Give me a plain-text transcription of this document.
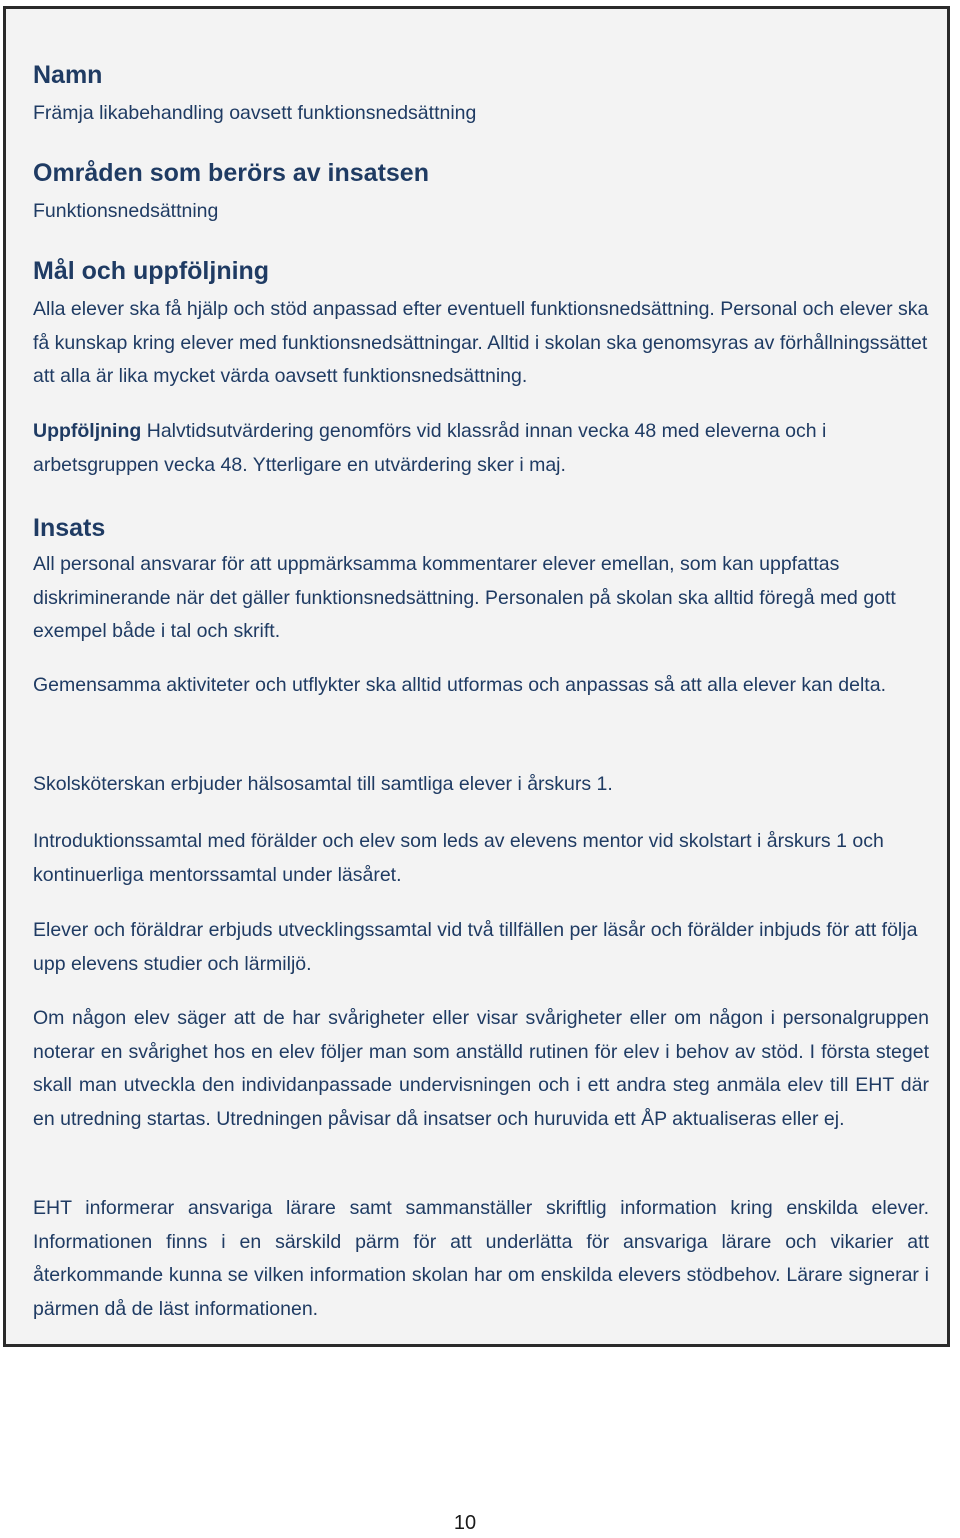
Namn

Främja likabehandling oavsett funktionsnedsättning

Områden som berörs av insatsen

Funktionsnedsättning

Mål och uppföljning

Alla elever ska få hjälp och stöd anpassad efter eventuell funktionsnedsättning. Personal och elever ska få kunskap kring elever med funktionsnedsättningar. Alltid i skolan ska genomsyras av förhållningssättet att alla är lika mycket värda oavsett funktionsnedsättning.

Uppföljning Halvtidsutvärdering genomförs vid klassråd innan vecka 48 med eleverna och i arbetsgruppen vecka 48. Ytterligare en utvärdering sker i maj.

Insats

All personal ansvarar för att uppmärksamma kommentarer elever emellan, som kan uppfattas diskriminerande när det gäller funktionsnedsättning. Personalen på skolan ska alltid föregå med gott exempel både i tal och skrift.

Gemensamma aktiviteter och utflykter ska alltid utformas och anpassas så att alla elever kan delta.

Skolsköterskan erbjuder hälsosamtal till samtliga elever i årskurs 1.

Introduktionssamtal med förälder och elev som leds av elevens mentor vid skolstart i årskurs 1 och kontinuerliga mentorssamtal under läsåret.

Elever och föräldrar erbjuds utvecklingssamtal vid två tillfällen per läsår och förälder inbjuds för att följa upp elevens studier och lärmiljö.

Om någon elev säger att de har svårigheter eller visar svårigheter eller om någon i personalgruppen noterar en svårighet hos en elev följer man som anställd rutinen för elev i behov av stöd. I första steget skall man utveckla den individanpassade undervisningen och i ett andra steg anmäla elev till EHT där en utredning startas. Utredningen påvisar då insatser och huruvida ett ÅP aktualiseras eller ej.

EHT informerar ansvariga lärare samt sammanställer skriftlig information kring enskilda elever. Informationen finns i en särskild pärm för att underlätta för ansvariga lärare och vikarier att återkommande kunna se vilken information skolan har om enskilda elevers stödbehov. Lärare signerar i pärmen då de läst informationen.

10
